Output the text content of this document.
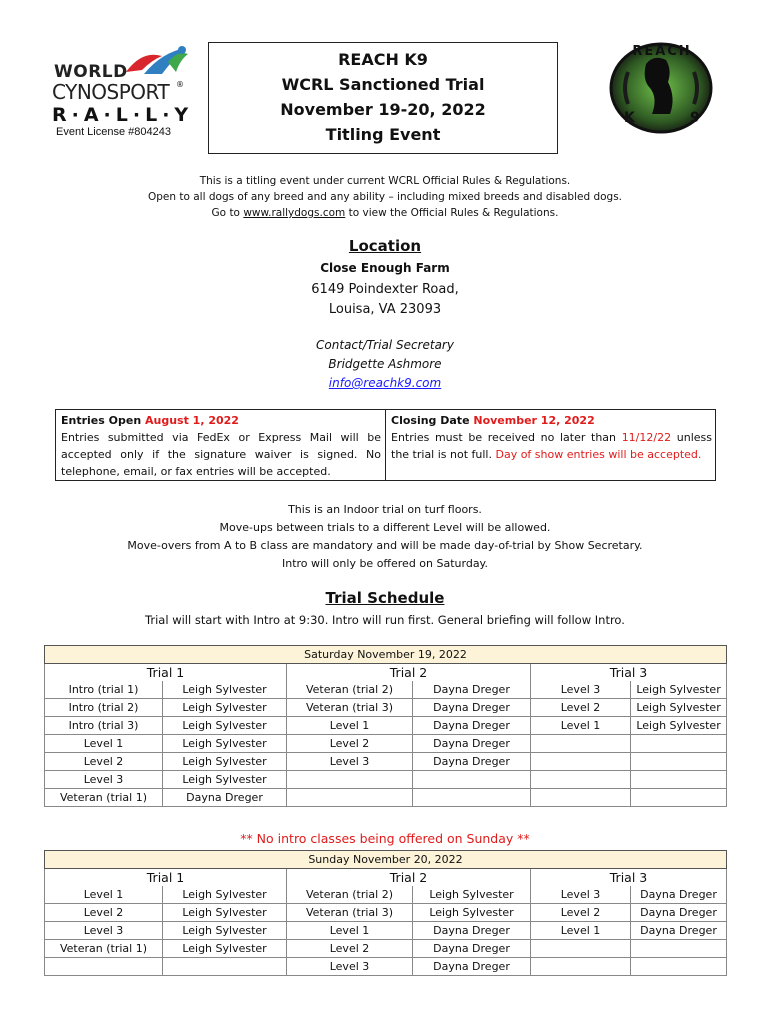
WORLD
CYNOSPORT ®
R·A·L·L·Y
Event License #804243
REACH K9
WCRL Sanctioned Trial
November 19-20, 2022
Titling Event
REACH
K	9
This is a titling event under current WCRL Official Rules & Regulations.
Open to all dogs of any breed and any ability – including mixed breeds and disabled dogs.
Go to www.rallydogs.com to view the Official Rules & Regulations.
Location
Close Enough Farm
6149 Poindexter Road,
Louisa, VA 23093
Contact/Trial Secretary
Bridgette Ashmore
info@reachk9.com
Entries Open August 1, 2022
Entries submitted via FedEx or Express Mail will be accepted only if the signature waiver is signed. No telephone, email, or fax entries will be accepted.
Closing Date November 12, 2022
Entries must be received no later than 11/12/22 unless the trial is not full. Day of show entries will be accepted.
This is an Indoor trial on turf floors.
Move-ups between trials to a different Level will be allowed.
Move-overs from A to B class are mandatory and will be made day-of-trial by Show Secretary.
Intro will only be offered on Saturday.
Trial Schedule
Trial will start with Intro at 9:30. Intro will run first. General briefing will follow Intro.
Saturday November 19, 2022					
Trial 1		Trial 2		Trial 3	
Intro (trial 1)	Leigh Sylvester	Veteran (trial 2)	Dayna Dreger	Level 3	Leigh Sylvester
Intro (trial 2)	Leigh Sylvester	Veteran (trial 3)	Dayna Dreger	Level 2	Leigh Sylvester
Intro (trial 3)	Leigh Sylvester	Level 1	Dayna Dreger	Level 1	Leigh Sylvester
Level 1	Leigh Sylvester	Level 2	Dayna Dreger		
Level 2	Leigh Sylvester	Level 3	Dayna Dreger		
Level 3	Leigh Sylvester				
Veteran (trial 1)	Dayna Dreger				
** No intro classes being offered on Sunday **
Sunday November 20, 2022					
Trial 1		Trial 2		Trial 3	
Level 1	Leigh Sylvester	Veteran (trial 2)	Leigh Sylvester	Level 3	Dayna Dreger
Level 2	Leigh Sylvester	Veteran (trial 3)	Leigh Sylvester	Level 2	Dayna Dreger
Level 3	Leigh Sylvester	Level 1	Dayna Dreger	Level 1	Dayna Dreger
Veteran (trial 1)	Leigh Sylvester	Level 2	Dayna Dreger		
		Level 3	Dayna Dreger		
